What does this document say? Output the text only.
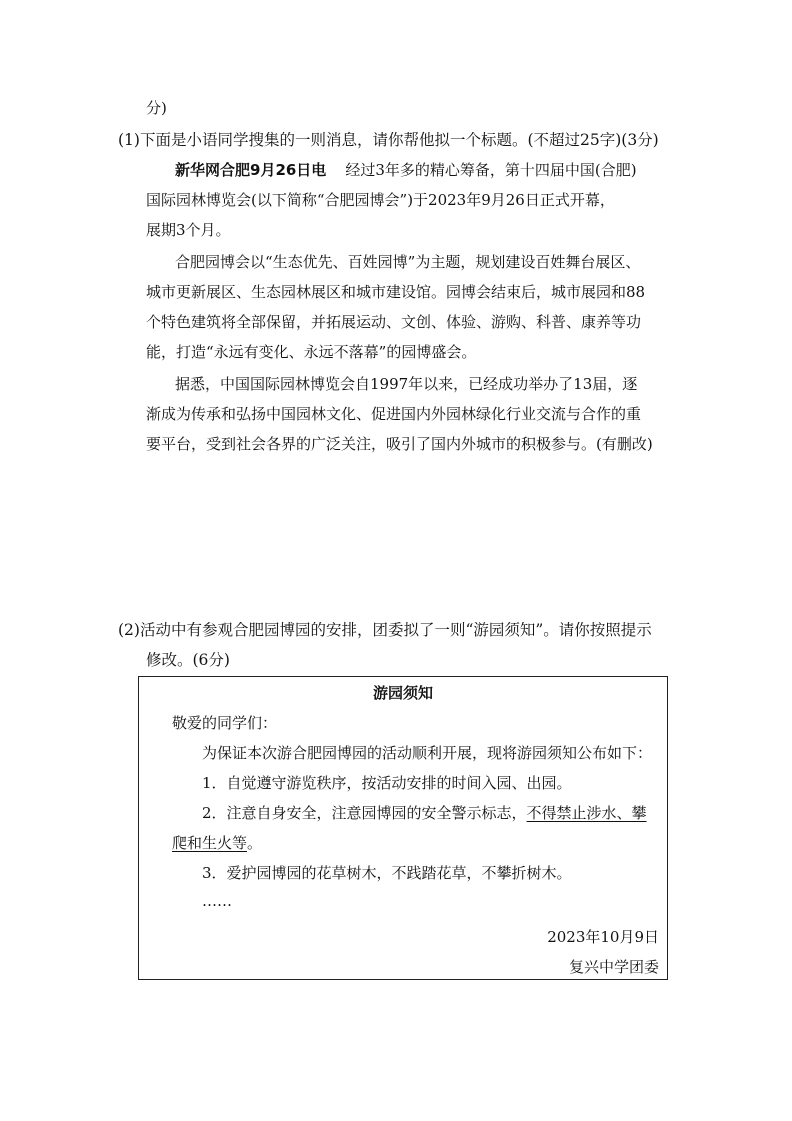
分)
(1)下面是小语同学搜集的一则消息，请你帮他拟一个标题。(不超过25字)(3分)
新华网合肥9月26日电 经过3年多的精心筹备，第十四届中国(合肥)
国际园林博览会(以下简称“合肥园博会”)于2023年9月26日正式开幕，
展期3个月。
合肥园博会以“生态优先、百姓园博”为主题，规划建设百姓舞台展区、
城市更新展区、生态园林展区和城市建设馆。园博会结束后，城市展园和88
个特色建筑将全部保留，并拓展运动、文创、体验、游购、科普、康养等功
能，打造“永远有变化、永远不落幕”的园博盛会。
据悉，中国国际园林博览会自1997年以来，已经成功举办了13届，逐
渐成为传承和弘扬中国园林文化、促进国内外园林绿化行业交流与合作的重
要平台，受到社会各界的广泛关注，吸引了国内外城市的积极参与。(有删改)
(2)活动中有参观合肥园博园的安排，团委拟了一则“游园须知”。请你按照提示
修改。(6分)
游园须知
敬爱的同学们：
为保证本次游合肥园博园的活动顺利开展，现将游园须知公布如下：
1．自觉遵守游览秩序，按活动安排的时间入园、出园。
2．注意自身安全，注意园博园的安全警示标志，不得禁止涉水、攀
爬和生火等。
3．爱护园博园的花草树木，不践踏花草，不攀折树木。
……
2023年10月9日
复兴中学团委
